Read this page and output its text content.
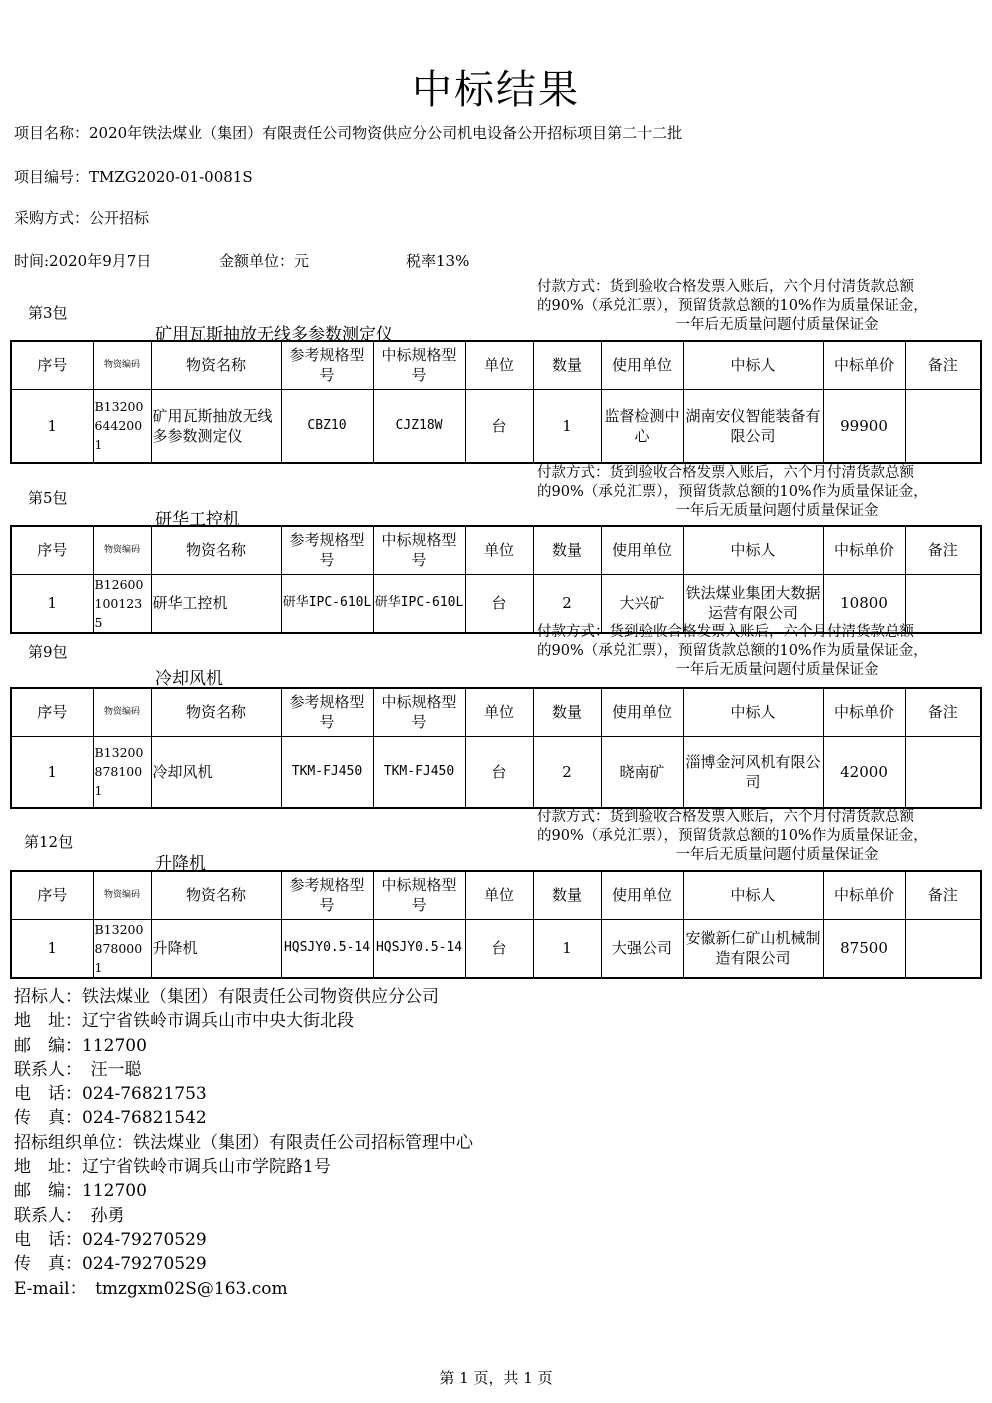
中标结果
项目名称：2020年铁法煤业（集团）有限责任公司物资供应分公司机电设备公开招标项目第二十二批
项目编号：TMZG2020-01-0081S
采购方式：公开招标
时间:2020年9月7日	金额单位：元	税率13%
付款方式：货到验收合格发票入账后，六个月付清货款总额
的90%（承兑汇票），预留货款总额的10%作为质量保证金，
一年后无质量问题付质量保证金
第3包
矿用瓦斯抽放无线多参数测定仪
序号	物资编码	物资名称	参考规格型号	中标规格型号	单位	数量	使用单位	中标人	中标单价	备注
1	B132006442001	矿用瓦斯抽放无线多参数测定仪	CBZ10	CJZ18W	台	1	监督检测中心	湖南安仪智能装备有限公司	99900	
付款方式：货到验收合格发票入账后，六个月付清货款总额
的90%（承兑汇票），预留货款总额的10%作为质量保证金，
一年后无质量问题付质量保证金
第5包
研华工控机
序号	物资编码	物资名称	参考规格型号	中标规格型号	单位	数量	使用单位	中标人	中标单价	备注
1	B126001001235	研华工控机	研华IPC-610L	研华IPC-610L	台	2	大兴矿	铁法煤业集团大数据运营有限公司	10800	
付款方式：货到验收合格发票入账后，六个月付清货款总额
的90%（承兑汇票），预留货款总额的10%作为质量保证金，
一年后无质量问题付质量保证金
第9包
冷却风机
序号	物资编码	物资名称	参考规格型号	中标规格型号	单位	数量	使用单位	中标人	中标单价	备注
1	B132008781001	冷却风机	TKM-FJ450	TKM-FJ450	台	2	晓南矿	淄博金河风机有限公司	42000	
付款方式：货到验收合格发票入账后，六个月付清货款总额
的90%（承兑汇票），预留货款总额的10%作为质量保证金，
一年后无质量问题付质量保证金
第12包
升降机
序号	物资编码	物资名称	参考规格型号	中标规格型号	单位	数量	使用单位	中标人	中标单价	备注
1	B132008780001	升降机	HQSJY0.5-14	HQSJY0.5-14	台	1	大强公司	安徽新仁矿山机械制造有限公司	87500	
招标人：铁法煤业（集团）有限责任公司物资供应分公司
地　址：辽宁省铁岭市调兵山市中央大街北段
邮　编：112700
联系人：　汪一聪
电　话：024-76821753
传　真：024-76821542
招标组织单位：铁法煤业（集团）有限责任公司招标管理中心
地　址：辽宁省铁岭市调兵山市学院路1号
邮　编：112700
联系人：　孙勇
电　话：024-79270529
传　真：024-79270529
E-mail：　tmzgxm02S@163.com
第 1 页，共 1 页
